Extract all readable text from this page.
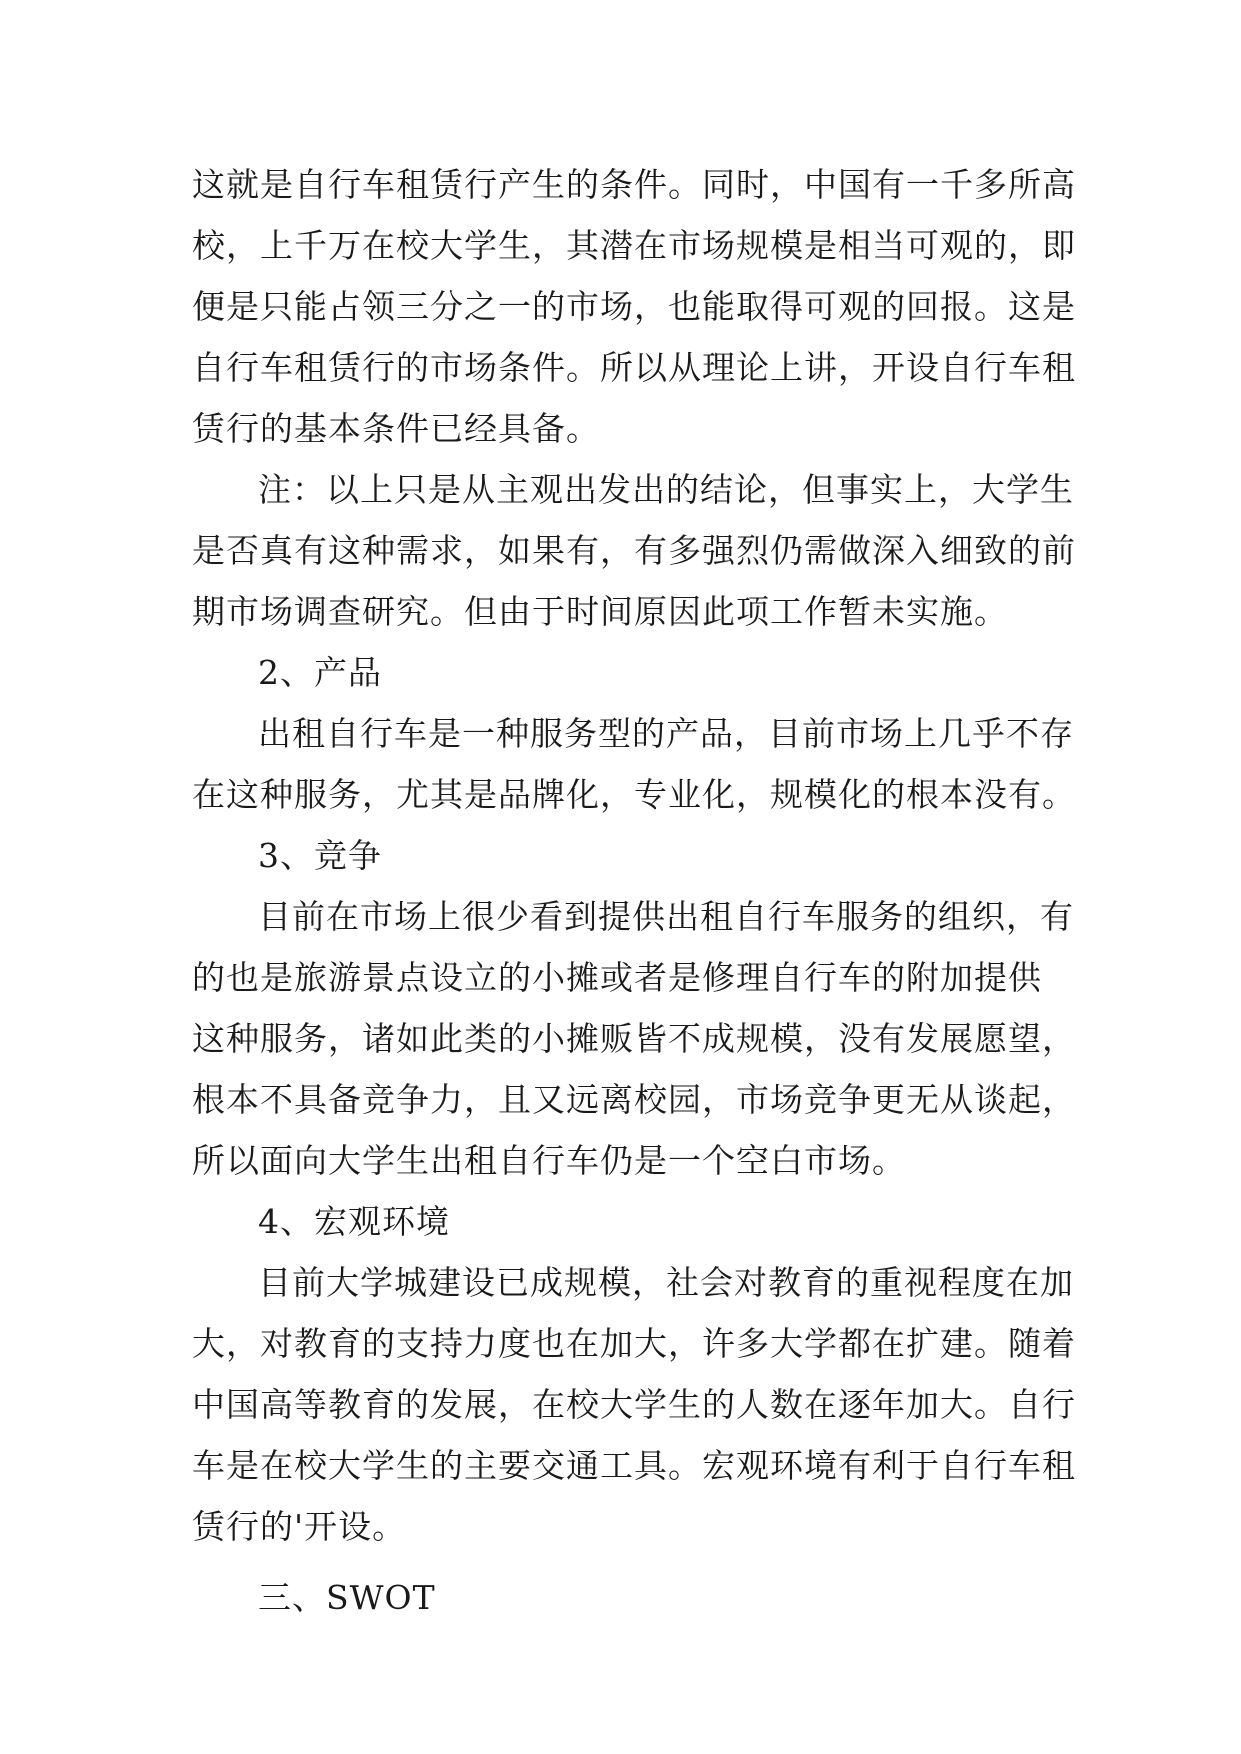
这就是自行车租赁行产生的条件。同时，中国有一千多所高
校，上千万在校大学生，其潜在市场规模是相当可观的，即
便是只能占领三分之一的市场，也能取得可观的回报。这是
自行车租赁行的市场条件。所以从理论上讲，开设自行车租
赁行的基本条件已经具备。
注：以上只是从主观出发出的结论，但事实上，大学生
是否真有这种需求，如果有，有多强烈仍需做深入细致的前
期市场调查研究。但由于时间原因此项工作暂未实施。
2、产品
出租自行车是一种服务型的产品，目前市场上几乎不存
在这种服务，尤其是品牌化，专业化，规模化的根本没有。
3、竞争
目前在市场上很少看到提供出租自行车服务的组织，有
的也是旅游景点设立的小摊或者是修理自行车的附加提供
这种服务，诸如此类的小摊贩皆不成规模，没有发展愿望，
根本不具备竞争力，且又远离校园，市场竞争更无从谈起，
所以面向大学生出租自行车仍是一个空白市场。
4、宏观环境
目前大学城建设已成规模，社会对教育的重视程度在加
大，对教育的支持力度也在加大，许多大学都在扩建。随着
中国高等教育的发展，在校大学生的人数在逐年加大。自行
车是在校大学生的主要交通工具。宏观环境有利于自行车租
赁行的'开设。
三、SWOT
